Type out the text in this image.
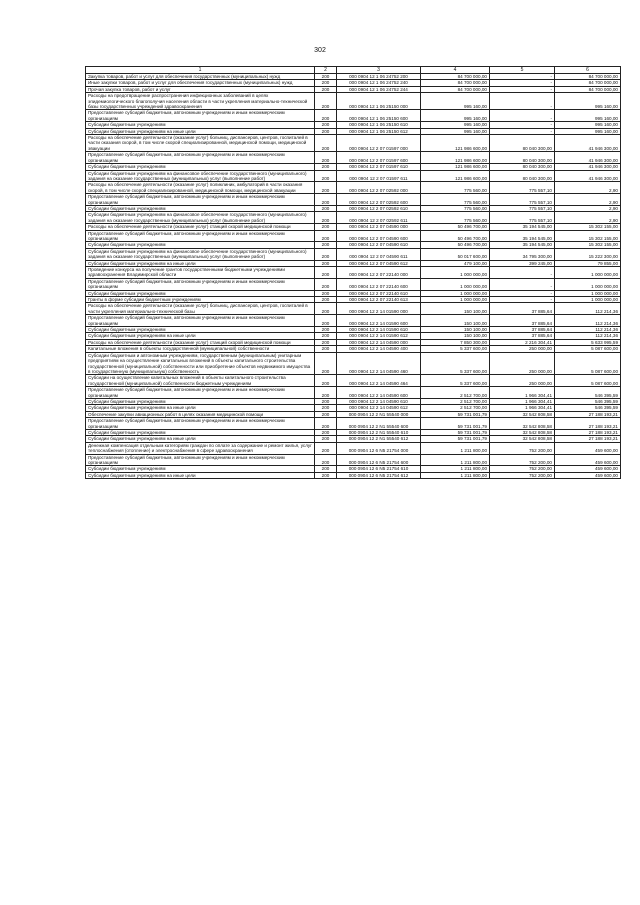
302
1	2	3	4	5	6
Закупка товаров, работ и услуг для обеспечения государственных (муниципальных) нужд	200	000 0904 12 1 06 24752 200	84 700 000,00	-	84 700 000,00
Иные закупки товаров, работ и услуг для обеспечения государственных (муниципальных) нужд	200	000 0904 12 1 06 24752 240	84 700 000,00	-	84 700 000,00
Прочая закупка товаров, работ и услуг	200	000 0904 12 1 06 24752 244	84 700 000,00	-	84 700 000,00
Расходы на предотвращение распространения инфекционных заболеваний в целях эпидемиологического благополучия населения области в части укрепления материально-технической базы государственных учреждений здравоохранения	200	000 0904 12 1 06 25150 000	995 160,00	-	995 160,00
Предоставление субсидий бюджетным, автономным учреждениям и иным некоммерческим организациям	200	000 0904 12 1 06 25150 600	995 160,00	-	995 160,00
Субсидии бюджетным учреждениям	200	000 0904 12 1 06 25150 610	995 160,00	-	995 160,00
Субсидии бюджетным учреждениям на иные цели	200	000 0904 12 1 06 25150 612	995 160,00	-	995 160,00
Расходы на обеспечение деятельности (оказание услуг) больниц, диспансеров, центров, госпиталей в части оказания скорой, в том числе скорой специализированной, медицинской помощи, медицинской эвакуации	200	000 0904 12 2 07 01597 000	121 986 600,00	80 040 300,00	41 946 300,00
Предоставление субсидий бюджетным, автономным учреждениям и иным некоммерческим организациям	200	000 0904 12 2 07 01597 600	121 986 600,00	80 040 300,00	41 946 300,00
Субсидии бюджетным учреждениям	200	000 0904 12 2 07 01597 610	121 986 600,00	80 040 300,00	41 946 300,00
Субсидии бюджетным учреждениям на финансовое обеспечение государственного (муниципального) задания на оказание государственных (муниципальных) услуг (выполнение работ)	200	000 0904 12 2 07 01597 611	121 986 600,00	80 040 300,00	41 946 300,00
Расходы на обеспечение деятельности (оказание услуг) поликлиник, амбулаторий в части оказания скорой, в том числе скорой специализированной, медицинской помощи, медицинской эвакуации	200	000 0904 12 2 07 02592 000	775 560,00	775 557,10	2,90
Предоставление субсидий бюджетным, автономным учреждениям и иным некоммерческим организациям	200	000 0904 12 2 07 02592 600	775 560,00	775 557,10	2,90
Субсидии бюджетным учреждениям	200	000 0904 12 2 07 02592 610	775 560,00	775 557,10	2,90
Субсидии бюджетным учреждениям на финансовое обеспечение государственного (муниципального) задания на оказание государственных (муниципальных) услуг (выполнение работ)	200	000 0904 12 2 07 02592 611	775 560,00	775 557,10	2,90
Расходы на обеспечение деятельности (оказание услуг) станций скорой медицинской помощи	200	000 0904 12 2 07 04590 000	50 496 700,00	35 194 545,00	15 302 155,00
Предоставление субсидий бюджетным, автономным учреждениям и иным некоммерческим организациям	200	000 0904 12 2 07 04590 600	50 496 700,00	35 194 545,00	15 302 155,00
Субсидии бюджетным учреждениям	200	000 0904 12 2 07 04590 610	50 496 700,00	35 194 545,00	15 302 155,00
Субсидии бюджетным учреждениям на финансовое обеспечение государственного (муниципального) задания на оказание государственных (муниципальных) услуг (выполнение работ)	200	000 0904 12 2 07 04590 611	50 017 600,00	34 795 300,00	15 222 300,00
Субсидии бюджетным учреждениям на иные цели	200	000 0904 12 2 07 04590 612	479 100,00	399 245,00	79 855,00
Проведение конкурса на получение грантов государственными бюджетными учреждениями здравоохранения Владимирской области	200	000 0904 12 2 07 22140 000	1 000 000,00	-	1 000 000,00
Предоставление субсидий бюджетным, автономным учреждениям и иным некоммерческим организациям	200	000 0904 12 2 07 22140 600	1 000 000,00	-	1 000 000,00
Субсидии бюджетным учреждениям	200	000 0904 12 2 07 22140 610	1 000 000,00	-	1 000 000,00
Гранты в форме субсидии бюджетным учреждениям	200	000 0904 12 2 07 22140 613	1 000 000,00	-	1 000 000,00
Расходы на обеспечение деятельности (оказание услуг) больниц, диспансеров, центров, госпиталей в части укрепления материально-технической базы	200	000 0904 12 2 14 01590 000	150 100,00	37 885,64	112 214,36
Предоставление субсидий бюджетным, автономным учреждениям и иным некоммерческим организациям	200	000 0904 12 2 14 01590 600	150 100,00	37 885,64	112 214,36
Субсидии бюджетным учреждениям	200	000 0904 12 2 14 01590 610	150 100,00	37 885,64	112 214,36
Субсидии бюджетным учреждениям на иные цели	200	000 0904 12 2 14 01590 612	150 100,00	37 885,64	112 214,36
Расходы на обеспечение деятельности (оказание услуг) станций скорой медицинской помощи	200	000 0904 12 2 14 04590 000	7 850 300,00	2 216 304,41	5 633 995,59
Капитальные вложения в объекты государственной (муниципальной) собственности	200	000 0904 12 2 14 04590 400	5 337 600,00	250 000,00	5 087 600,00
Субсидии бюджетным и автономным учреждениям, государственным (муниципальным) унитарным предприятиям на осуществление капитальных вложений в объекты капитального строительства государственной (муниципальной) собственности или приобретение объектов недвижимого имущества в государственную (муниципальную) собственность	200	000 0904 12 2 14 04590 460	5 337 600,00	250 000,00	5 087 600,00
Субсидии на осуществление капитальных вложений в объекты капитального строительства государственной (муниципальной) собственности бюджетным учреждениям	200	000 0904 12 2 14 04590 464	5 337 600,00	250 000,00	5 087 600,00
Предоставление субсидий бюджетным, автономным учреждениям и иным некоммерческим организациям	200	000 0904 12 2 14 04590 600	2 512 700,00	1 966 304,41	546 395,59
Субсидии бюджетным учреждениям	200	000 0904 12 2 14 04590 610	2 512 700,00	1 966 304,41	546 395,59
Субсидии бюджетным учреждениям на иные цели	200	000 0904 12 2 14 04590 612	2 512 700,00	1 966 304,41	546 395,59
Обеспечение закупки авиационных работ в целях оказания медицинской помощи	200	000 0904 12 2 N1 55540 000	59 731 001,79	32 542 808,58	27 188 193,21
Предоставление субсидий бюджетным, автономным учреждениям и иным некоммерческим организациям	200	000 0904 12 2 N1 55540 600	59 731 001,79	32 542 808,58	27 188 193,21
Субсидии бюджетным учреждениям	200	000 0904 12 2 N1 55540 610	59 731 001,79	32 542 808,58	27 188 193,21
Субсидии бюджетным учреждениям на иные цели	200	000 0904 12 2 N1 55540 612	59 731 001,79	32 542 808,58	27 188 193,21
Денежная компенсация отдельным категориям граждан по оплате за содержание и ремонт жилья, услуг теплоснабжения (отопление) и электроснабжения в сфере здравоохранения	200	000 0904 12 6 N5 21754 000	1 211 800,00	752 200,00	459 600,00
Предоставление субсидий бюджетным, автономным учреждениям и иным некоммерческим организациям	200	000 0904 12 6 N5 21754 600	1 211 800,00	752 200,00	459 600,00
Субсидии бюджетным учреждениям	200	000 0904 12 6 N5 21754 610	1 211 800,00	752 200,00	459 600,00
Субсидии бюджетным учреждениям на иные цели	200	000 0904 12 6 N5 21754 612	1 211 800,00	752 200,00	459 600,00
